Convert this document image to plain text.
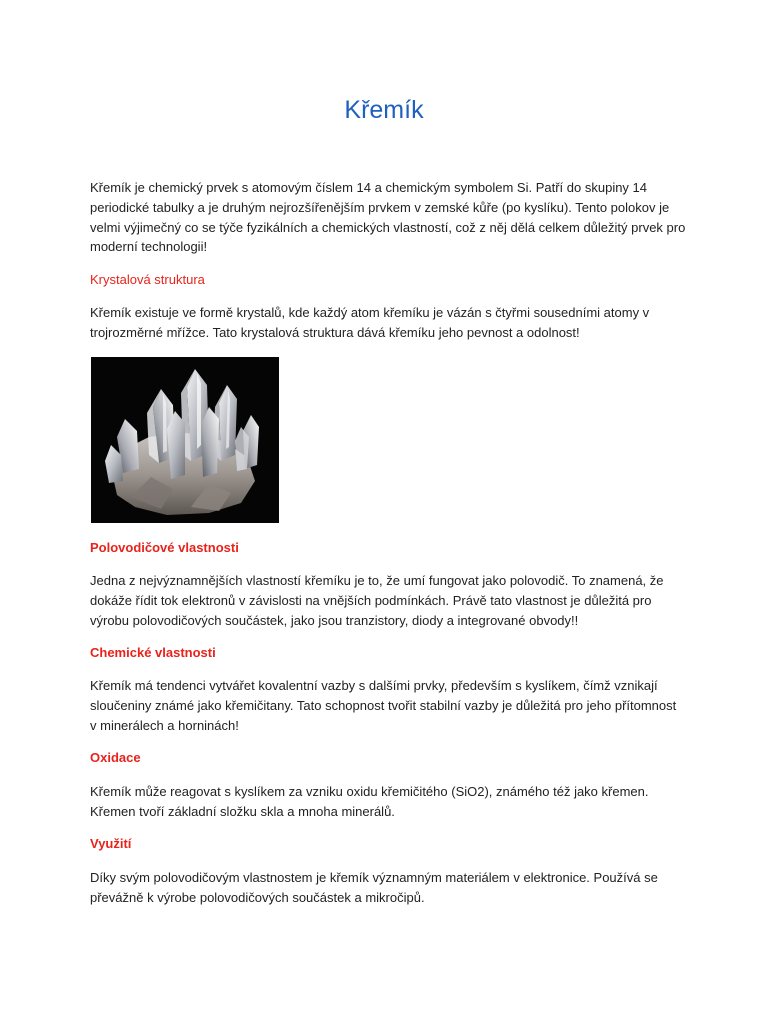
Křemík

Křemík je chemický prvek s atomovým číslem 14 a chemickým symbolem Si. Patří do skupiny 14 periodické tabulky a je druhým nejrozšířenějším prvkem v zemské kůře (po kyslíku). Tento polokov je velmi výjimečný co se týče fyzikálních a chemických vlastností, což z něj dělá celkem důležitý prvek pro moderní technologii!

Krystalová struktura

Křemík existuje ve formě krystalů, kde každý atom křemíku je vázán s čtyřmi sousedními atomy v trojrozměrné mřížce. Tato krystalová struktura dává křemíku jeho pevnost a odolnost!

Polovodičové vlastnosti

Jedna z nejvýznamnějších vlastností křemíku je to, že umí fungovat jako polovodič. To znamená, že dokáže řídit tok elektronů v závislosti na vnějších podmínkách. Právě tato vlastnost je důležitá pro výrobu polovodičových součástek, jako jsou tranzistory, diody a integrované obvody!!

Chemické vlastnosti

Křemík má tendenci vytvářet kovalentní vazby s dalšími prvky, především s kyslíkem, čímž vznikají sloučeniny známé jako křemičitany. Tato schopnost tvořit stabilní vazby je důležitá pro jeho přítomnost v minerálech a horninách!

Oxidace

Křemík může reagovat s kyslíkem za vzniku oxidu křemičitého (SiO2), známého též jako křemen. Křemen tvoří základní složku skla a mnoha minerálů.

Využití

Díky svým polovodičovým vlastnostem je křemík významným materiálem v elektronice. Používá se převážně k výrobe polovodičových součástek a mikročipů.
